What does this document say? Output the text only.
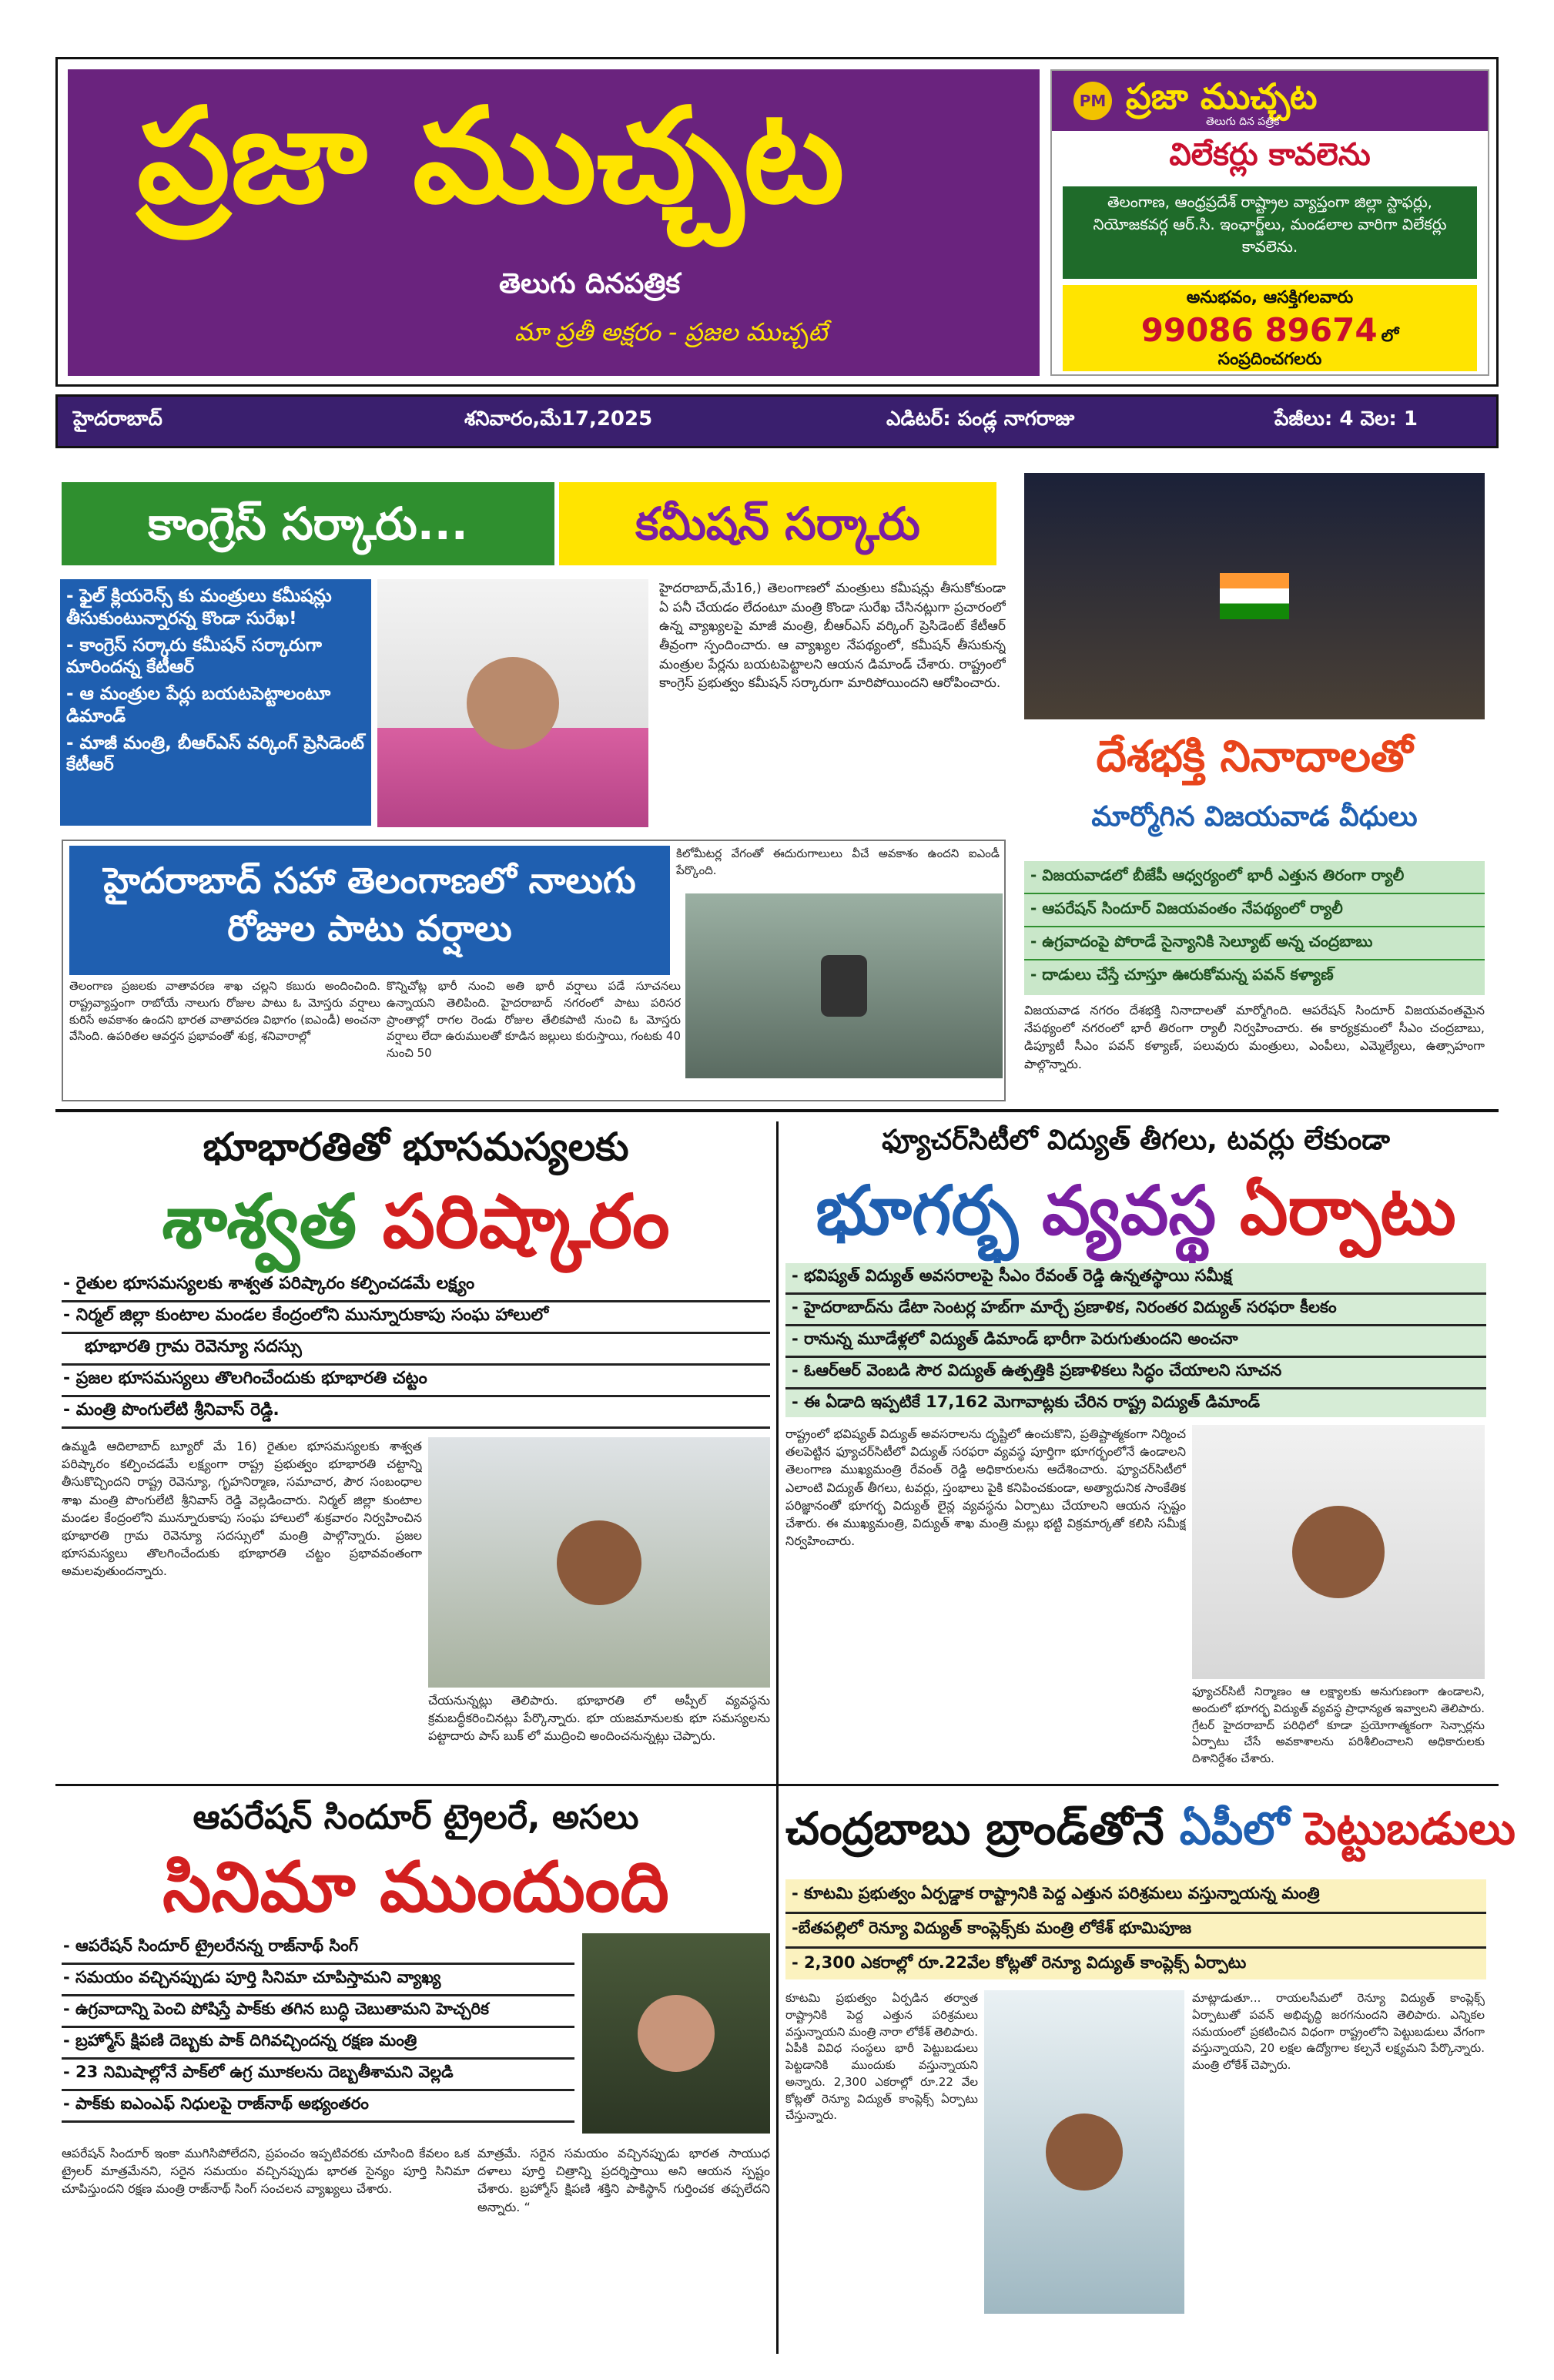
ప్రజా ముచ్చట
తెలుగు దినపత్రిక
మా ప్రతీ అక్షరం - ప్రజల ముచ్చటే
PM ప్రజా ముచ్చట
తెలుగు దిన పత్రిక
విలేకర్లు కావలెను
తెలంగాణ, ఆంధ్రప్రదేశ్ రాష్ట్రాల వ్యాప్తంగా జిల్లా స్టాఫర్లు, నియోజకవర్గ ఆర్.సి. ఇంఛార్జ్‌లు, మండలాల వారిగా విలేకర్లు కావలెను.
అనుభవం, ఆసక్తిగలవారు
99086 89674 లో
సంప్రదించగలరు
హైదరాబాద్	శనివారం,మే17,2025	ఎడిటర్: పండ్ల నాగరాజు	పేజీలు: 4 వెల: 1
కాంగ్రెస్ సర్కారు...	కమీషన్ సర్కారు
- ఫైల్ క్లియరెన్స్ కు మంత్రులు కమీషన్లు తీసుకుంటున్నారన్న కొండా సురేఖ!
- కాంగ్రెస్ సర్కారు కమీషన్ సర్కారుగా మారిందన్న కేటీఆర్
- ఆ మంత్రుల పేర్లు బయటపెట్టాలంటూ డిమాండ్
- మాజీ మంత్రి, బీఆర్ఎస్ వర్కింగ్ ప్రెసిడెంట్ కేటీఆర్
హైదరాబాద్,మే16,) తెలంగాణలో మంత్రులు కమీషన్లు తీసుకోకుండా ఏ పనీ చేయడం లేదంటూ మంత్రి కొండా సురేఖ చేసినట్లుగా ప్రచారంలో ఉన్న వ్యాఖ్యలపై మాజీ మంత్రి, బీఆర్ఎస్ వర్కింగ్ ప్రెసిడెంట్ కేటీఆర్ తీవ్రంగా స్పందించారు. ఆ వ్యాఖ్యల నేపథ్యంలో, కమీషన్ తీసుకున్న మంత్రుల పేర్లను బయటపెట్టాలని ఆయన డిమాండ్ చేశారు. రాష్ట్రంలో కాంగ్రెస్ ప్రభుత్వం కమీషన్ సర్కారుగా మారిపోయిందని ఆరోపించారు.
హైదరాబాద్ సహా తెలంగాణలో నాలుగు రోజుల పాటు వర్షాలు
కిలోమీటర్ల వేగంతో ఈదురుగాలులు వీచే అవకాశం ఉందని ఐఎండీ పేర్కొంది.
తెలంగాణ ప్రజలకు వాతావరణ శాఖ చల్లని కబురు అందించింది. రాష్ట్రవ్యాప్తంగా రాబోయే నాలుగు రోజుల పాటు ఓ మోస్తరు వర్షాలు కురిసే అవకాశం ఉందని భారత వాతావరణ విభాగం (ఐఎండీ) అంచనా వేసింది. ఉపరితల ఆవర్తన ప్రభావంతో శుక్ర, శనివారాల్లో
కొన్నిచోట్ల భారీ నుంచి అతి భారీ వర్షాలు పడే సూచనలు ఉన్నాయని తెలిపింది. హైదరాబాద్ నగరంలో పాటు పరిసర ప్రాంతాల్లో రాగల రెండు రోజుల తేలికపాటి నుంచి ఓ మోస్తరు వర్షాలు లేదా ఉరుములతో కూడిన జల్లులు కురుస్తాయి, గంటకు 40 నుంచి 50
దేశభక్తి నినాదాలతో
మార్మోగిన విజయవాడ వీధులు
- విజయవాడలో బీజేపీ ఆధ్వర్యంలో భారీ ఎత్తున తిరంగా ర్యాలీ
- ఆపరేషన్ సిందూర్ విజయవంతం నేపథ్యంలో ర్యాలీ
- ఉగ్రవాదంపై పోరాడే సైన్యానికి సెల్యూట్ అన్న చంద్రబాబు
- దాడులు చేస్తే చూస్తూ ఊరుకోమన్న పవన్ కళ్యాణ్
విజయవాడ నగరం దేశభక్తి నినాదాలతో మార్మోగింది. ఆపరేషన్ సిందూర్ విజయవంతమైన నేపథ్యంలో నగరంలో భారీ తిరంగా ర్యాలీ నిర్వహించారు. ఈ కార్యక్రమంలో సీఎం చంద్రబాబు, డిప్యూటీ సీఎం పవన్ కళ్యాణ్, పలువురు మంత్రులు, ఎంపీలు, ఎమ్మెల్యేలు, ఉత్సాహంగా పాల్గొన్నారు.
భూభారతితో భూసమస్యలకు
శాశ్వత పరిష్కారం
- రైతుల భూసమస్యలకు శాశ్వత పరిష్కారం కల్పించడమే లక్ష్యం
- నిర్మల్ జిల్లా కుంటాల మండల కేంద్రంలోని మున్నూరుకాపు సంఘ హాలులో
భూభారతి గ్రామ రెవెన్యూ సదస్సు
- ప్రజల భూసమస్యలు తొలగించేందుకు భూభారతి చట్టం
- మంత్రి పొంగులేటి శ్రీనివాస్ రెడ్డి.
ఉమ్మడి ఆదిలాబాద్ బ్యూరో మే 16) రైతుల భూసమస్యలకు శాశ్వత పరిష్కారం కల్పించడమే లక్ష్యంగా రాష్ట్ర ప్రభుత్వం భూభారతి చట్టాన్ని తీసుకొచ్చిందని రాష్ట్ర రెవెన్యూ, గృహనిర్మాణ, సమాచార, పౌర సంబంధాల శాఖ మంత్రి పొంగులేటి శ్రీనివాస్ రెడ్డి వెల్లడించారు. నిర్మల్ జిల్లా కుంటాల మండల కేంద్రంలోని మున్నూరుకాపు సంఘ హాలులో శుక్రవారం నిర్వహించిన భూభారతి గ్రామ రెవెన్యూ సదస్సులో మంత్రి పాల్గొన్నారు. ప్రజల భూసమస్యలు తొలగించేందుకు భూభారతి చట్టం ప్రభావవంతంగా అమలవుతుందన్నారు.
చేయనున్నట్లు తెలిపారు. భూభారతి లో అప్పీల్ వ్యవస్థను క్రమబద్ధీకరించినట్లు పేర్కొన్నారు. భూ యజమానులకు భూ సమస్యలను పట్టాదారు పాస్ బుక్ లో ముద్రించి అందించనున్నట్లు చెప్పారు.
ఫ్యూచర్‌సిటీలో విద్యుత్ తీగలు, టవర్లు లేకుండా
భూగర్భ వ్యవస్థ ఏర్పాటు
- భవిష్యత్ విద్యుత్ అవసరాలపై సీఎం రేవంత్ రెడ్డి ఉన్నతస్థాయి సమీక్ష
- హైదరాబాద్‌ను డేటా సెంటర్ల హబ్‌గా మార్చే ప్రణాళిక, నిరంతర విద్యుత్ సరఫరా కీలకం
- రానున్న మూడేళ్లలో విద్యుత్ డిమాండ్ భారీగా పెరుగుతుందని అంచనా
- ఓఆర్ఆర్ వెంబడి సౌర విద్యుత్ ఉత్పత్తికి ప్రణాళికలు సిద్ధం చేయాలని సూచన
- ఈ ఏడాది ఇప్పటికే 17,162 మెగావాట్లకు చేరిన రాష్ట్ర విద్యుత్ డిమాండ్
రాష్ట్రంలో భవిష్యత్ విద్యుత్ అవసరాలను దృష్టిలో ఉంచుకొని, ప్రతిష్టాత్మకంగా నిర్మించ తలపెట్టిన ఫ్యూచర్‌సిటీలో విద్యుత్ సరఫరా వ్యవస్థ పూర్తిగా భూగర్భంలోనే ఉండాలని తెలంగాణ ముఖ్యమంత్రి రేవంత్ రెడ్డి అధికారులను ఆదేశించారు. ఫ్యూచర్‌సిటీలో ఎలాంటి విద్యుత్ తీగలు, టవర్లు, స్తంభాలు పైకి కనిపించకుండా, అత్యాధునిక సాంకేతిక పరిజ్ఞానంతో భూగర్భ విద్యుత్ లైన్ల వ్యవస్థను ఏర్పాటు చేయాలని ఆయన స్పష్టం చేశారు. ఈ ముఖ్యమంత్రి, విద్యుత్ శాఖ మంత్రి మల్లు భట్టి విక్రమార్కతో కలిసి సమీక్ష నిర్వహించారు.
ఫ్యూచర్‌సిటీ నిర్మాణం ఆ లక్ష్యాలకు అనుగుణంగా ఉండాలని, అందులో భూగర్భ విద్యుత్ వ్యవస్థ ప్రాధాన్యత ఇవ్వాలని తెలిపారు. గ్రేటర్ హైదరాబాద్ పరిధిలో కూడా ప్రయోగాత్మకంగా సెన్సార్లను ఏర్పాటు చేసే అవకాశాలను పరిశీలించాలని అధికారులకు దిశానిర్దేశం చేశారు.
ఆపరేషన్ సిందూర్ ట్రైలరే, అసలు
సినిమా ముందుంది
- ఆపరేషన్ సిందూర్ ట్రైలరేనన్న రాజ్‌నాథ్ సింగ్
- సమయం వచ్చినప్పుడు పూర్తి సినిమా చూపిస్తామని వ్యాఖ్య
- ఉగ్రవాదాన్ని పెంచి పోషిస్తే పాక్‌కు తగిన బుద్ధి చెబుతామని హెచ్చరిక
- బ్రహ్మోస్ క్షిపణి దెబ్బకు పాక్ దిగివచ్చిందన్న రక్షణ మంత్రి
- 23 నిమిషాల్లోనే పాక్‌లో ఉగ్ర మూకలను దెబ్బతీశామని వెల్లడి
- పాక్‌కు ఐఎంఎఫ్ నిధులపై రాజ్‌నాథ్ అభ్యంతరం
ఆపరేషన్ సిందూర్ ఇంకా ముగిసిపోలేదని, ప్రపంచం ఇప్పటివరకు చూసింది కేవలం ఒక ట్రైలర్ మాత్రమేనని, సరైన సమయం వచ్చినప్పుడు భారత సైన్యం పూర్తి సినిమా చూపిస్తుందని రక్షణ మంత్రి రాజ్‌నాథ్ సింగ్ సంచలన వ్యాఖ్యలు చేశారు.
మాత్రమే. సరైన సమయం వచ్చినప్పుడు భారత సాయుధ దళాలు పూర్తి చిత్రాన్ని ప్రదర్శిస్తాయి అని ఆయన స్పష్టం చేశారు. బ్రహ్మోస్ క్షిపణి శక్తిని పాకిస్థాన్ గుర్తించక తప్పలేదని అన్నారు. “
చంద్రబాబు బ్రాండ్‌తోనే ఏపీలో పెట్టుబడులు
- కూటమి ప్రభుత్వం ఏర్పడ్డాక రాష్ట్రానికి పెద్ద ఎత్తున పరిశ్రమలు వస్తున్నాయన్న మంత్రి
-బేతపల్లిలో రెన్యూ విద్యుత్ కాంప్లెక్స్‌కు మంత్రి లోకేశ్ భూమిపూజ
- 2,300 ఎకరాల్లో రూ.22వేల కోట్లతో రెన్యూ విద్యుత్ కాంప్లెక్స్ ఏర్పాటు
కూటమి ప్రభుత్వం ఏర్పడిన తర్వాత రాష్ట్రానికి పెద్ద ఎత్తున పరిశ్రమలు వస్తున్నాయని మంత్రి నారా లోకేశ్ తెలిపారు. ఏపీకి వివిధ సంస్థలు భారీ పెట్టుబడులు పెట్టడానికి ముందుకు వస్తున్నాయని అన్నారు. 2,300 ఎకరాల్లో రూ.22 వేల కోట్లతో రెన్యూ విద్యుత్ కాంప్లెక్స్ ఏర్పాటు చేస్తున్నారు.
మాట్లాడుతూ... రాయలసీమలో రెన్యూ విద్యుత్ కాంప్లెక్స్ ఏర్పాటుతో పవన్ అభివృద్ధి జరగనుందని తెలిపారు. ఎన్నికల సమయంలో ప్రకటించిన విధంగా రాష్ట్రంలోని పెట్టుబడులు వేగంగా వస్తున్నాయని, 20 లక్షల ఉద్యోగాల కల్పనే లక్ష్యమని పేర్కొన్నారు. మంత్రి లోకేశ్ చెప్పారు.
